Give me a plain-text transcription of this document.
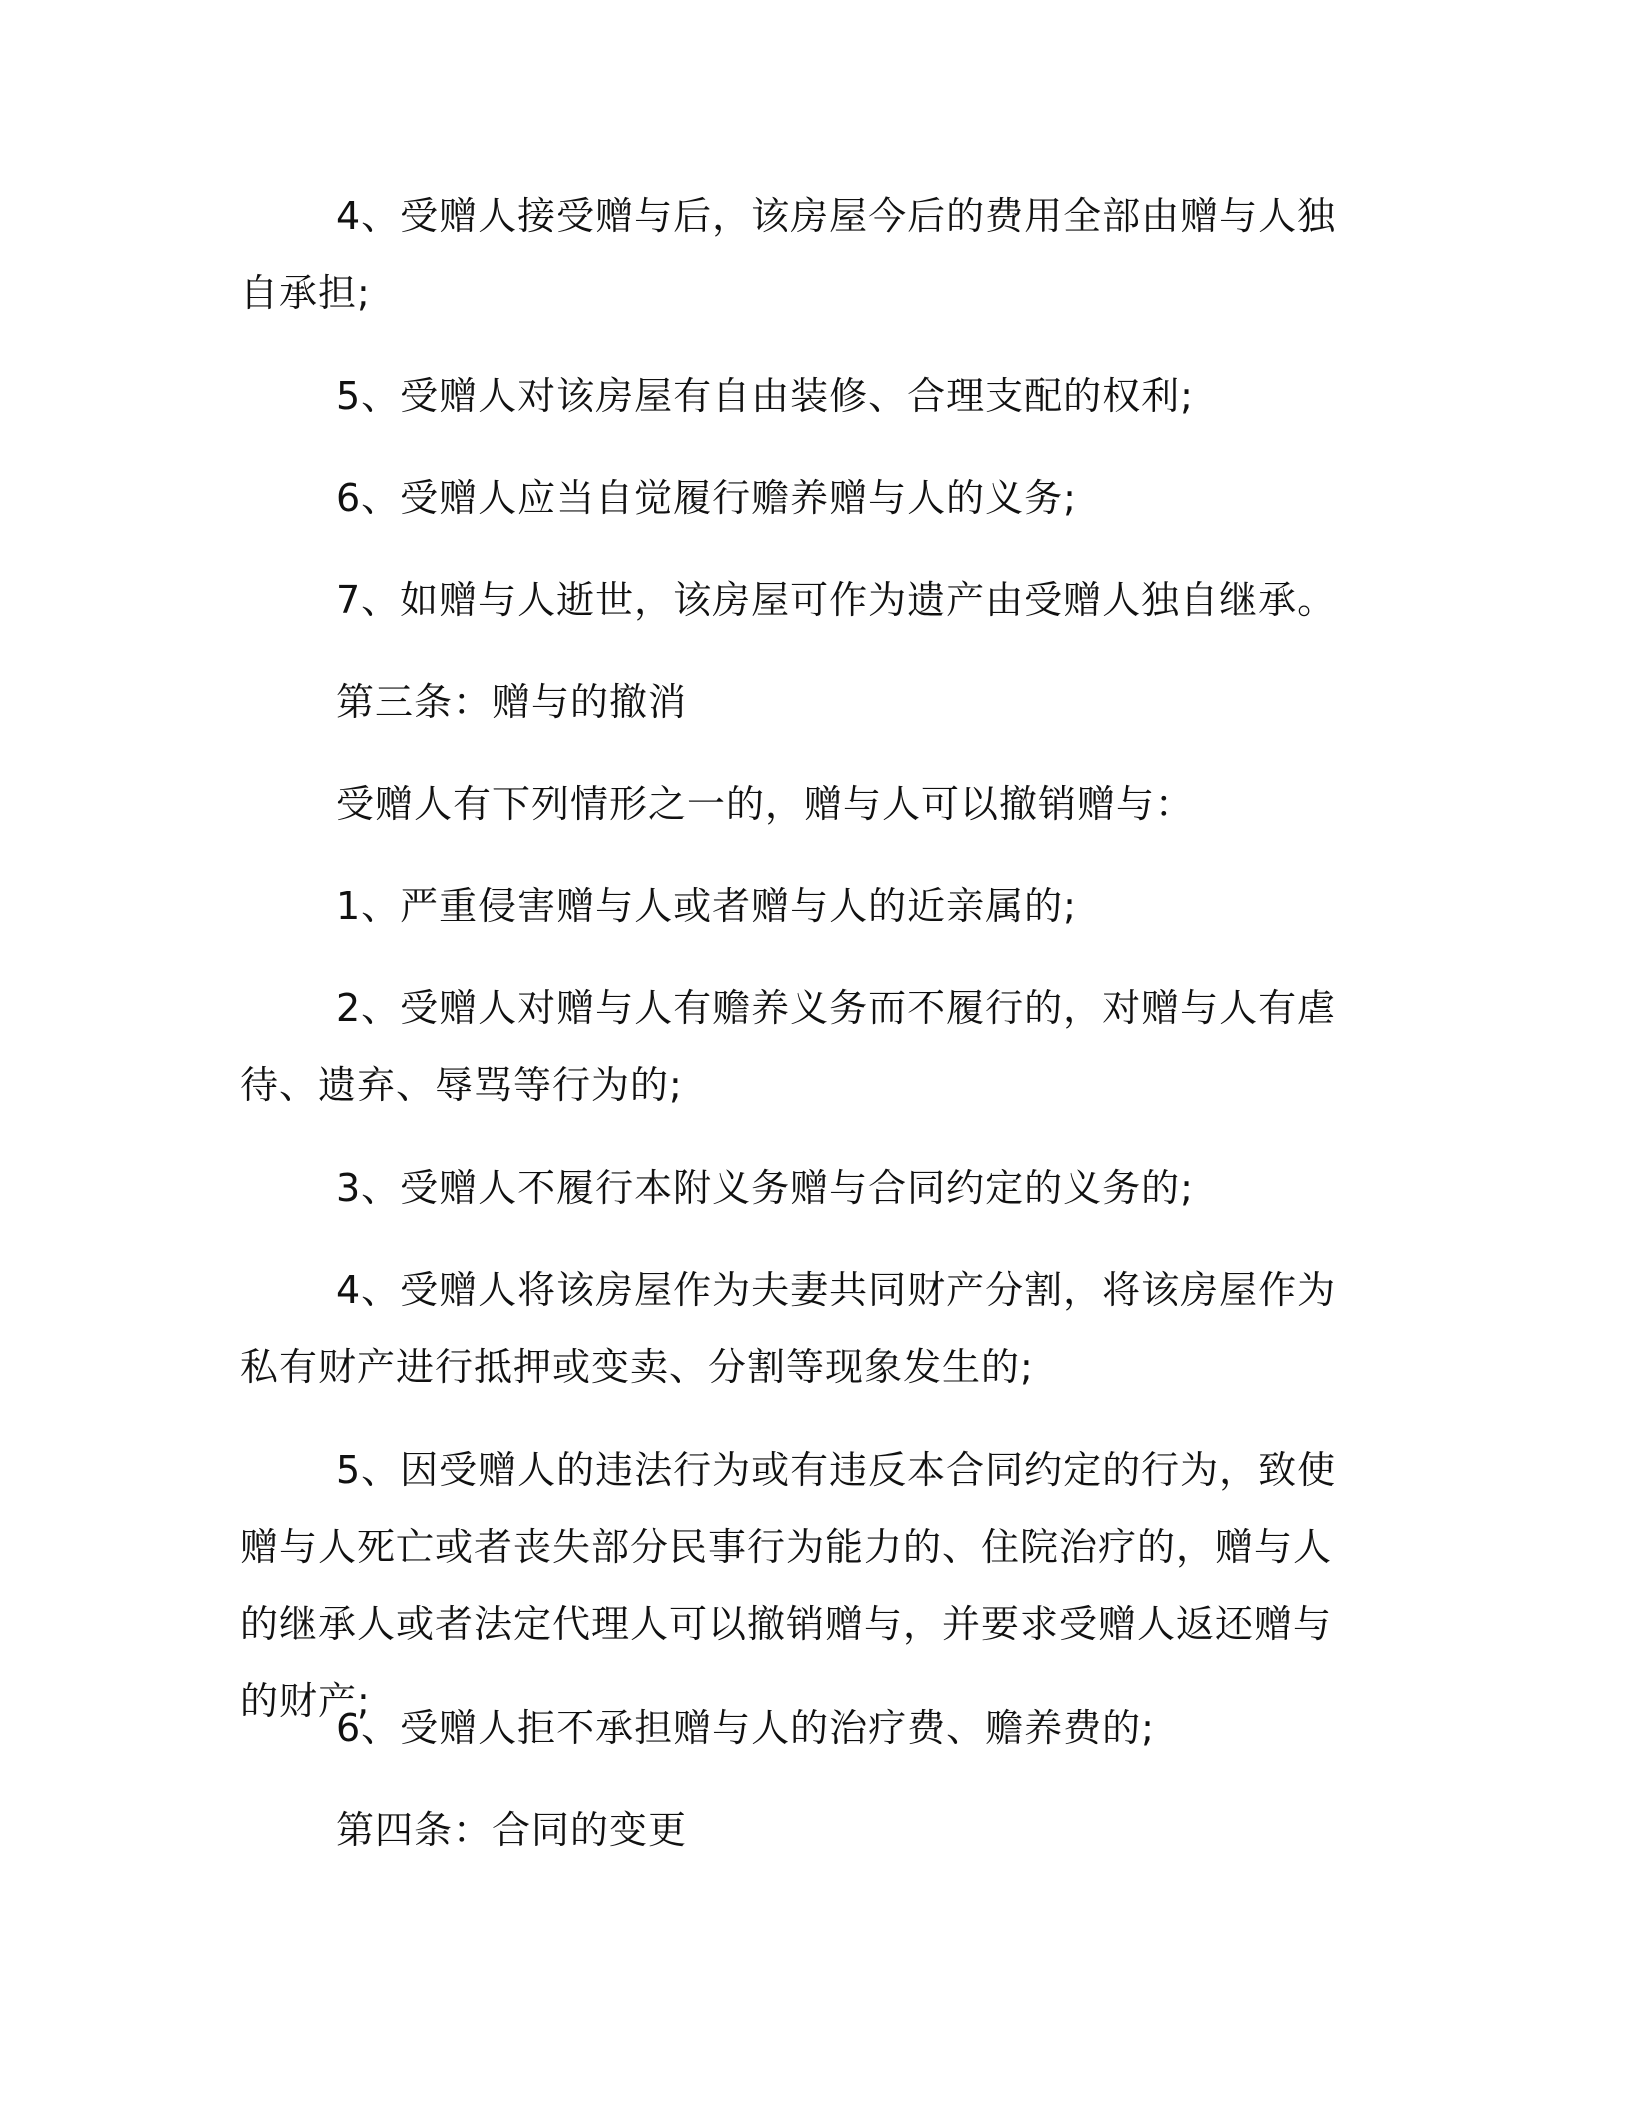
4、受赠人接受赠与后，该房屋今后的费用全部由赠与人独自承担;

5、受赠人对该房屋有自由装修、合理支配的权利;

6、受赠人应当自觉履行赡养赠与人的义务;

7、如赠与人逝世，该房屋可作为遗产由受赠人独自继承。

第三条：赠与的撤消

受赠人有下列情形之一的，赠与人可以撤销赠与：

1、严重侵害赠与人或者赠与人的近亲属的;

2、受赠人对赠与人有赡养义务而不履行的，对赠与人有虐待、遗弃、辱骂等行为的;

3、受赠人不履行本附义务赠与合同约定的义务的;

4、受赠人将该房屋作为夫妻共同财产分割，将该房屋作为私有财产进行抵押或变卖、分割等现象发生的;

5、因受赠人的违法行为或有违反本合同约定的行为，致使赠与人死亡或者丧失部分民事行为能力的、住院治疗的，赠与人的继承人或者法定代理人可以撤销赠与，并要求受赠人返还赠与的财产;

6、受赠人拒不承担赠与人的治疗费、赡养费的;

第四条：合同的变更
